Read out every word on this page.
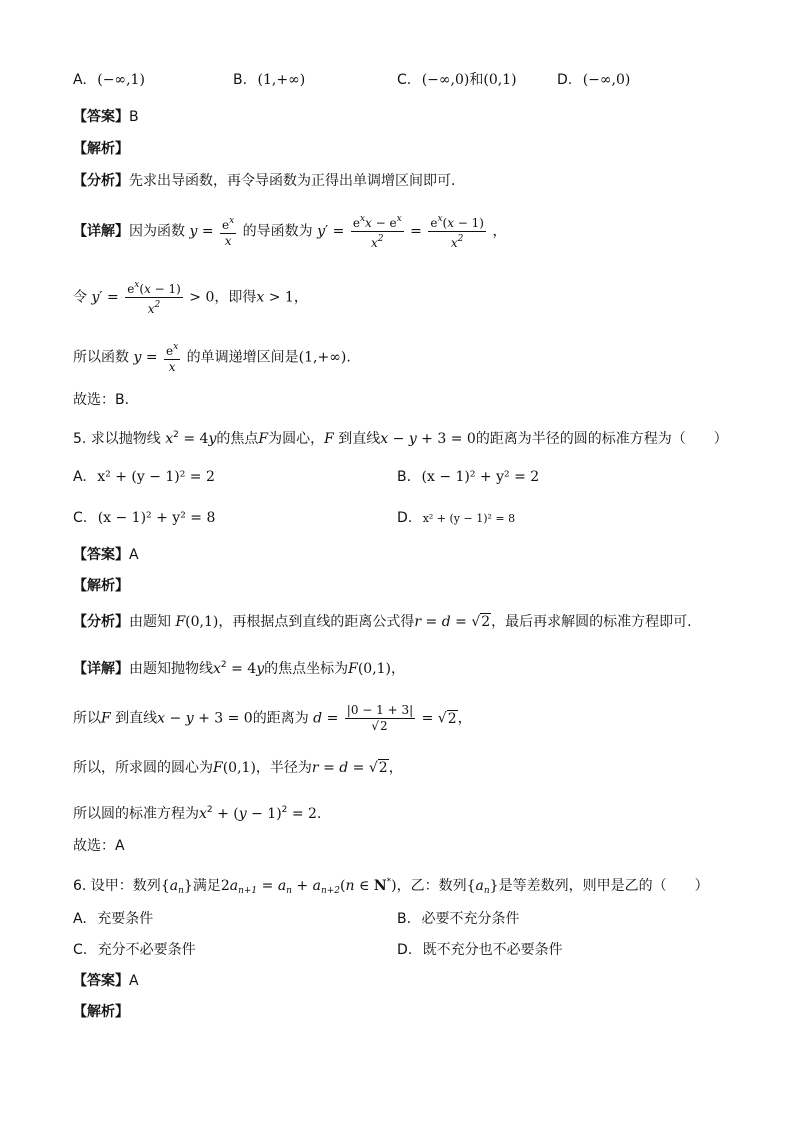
A. (−∞,1)	B. (1,+∞)	C. (−∞,0)和(0,1)	D. (−∞,0)
【答案】B
【解析】
【分析】先求出导函数，再令导函数为正得出单调增区间即可.
【详解】因为函数 $y = \frac{e^x}{x}$ 的导函数为 $y' = \frac{e^xx - e^x}{x^2} = \frac{e^x(x - 1)}{x^2}$ ，
令 $y' = \frac{e^x(x - 1)}{x^2} > 0$，即得x > 1，
所以函数 $y = \frac{e^x}{x}$ 的单调递增区间是(1,+∞).
故选：B.
5. 求以抛物线 $x^2 = 4y$的焦点F为圆心，F 到直线x − y + 3 = 0的距离为半径的圆的标准方程为（　　）
A. x² + (y − 1)² = 2	B. (x − 1)² + y² = 2
C. (x − 1)² + y² = 8	D. x² + (y − 1)² = 8
【答案】A
【解析】
【分析】由题知 F(0,1)，再根据点到直线的距离公式得r = d = √2，最后再求解圆的标准方程即可.
【详解】由题知抛物线$x^2 = 4y$的焦点坐标为F(0,1)，
所以F 到直线x − y + 3 = 0的距离为 $d = \frac{|0 - 1 + 3|}{√2} = √2$，
所以，所求圆的圆心为F(0,1)，半径为r = d = √2，
所以圆的标准方程为$x^2 + (y - 1)^2 = 2$.
故选：A
6. 设甲：数列$\{a_n\}$满足$2a_{n+1} = a_n + a_{n+2}(n$ ∈ N*)，乙：数列$\{a_n\}$是等差数列，则甲是乙的（　　）
A. 充要条件	B. 必要不充分条件
C. 充分不必要条件	D. 既不充分也不必要条件
【答案】A
【解析】
